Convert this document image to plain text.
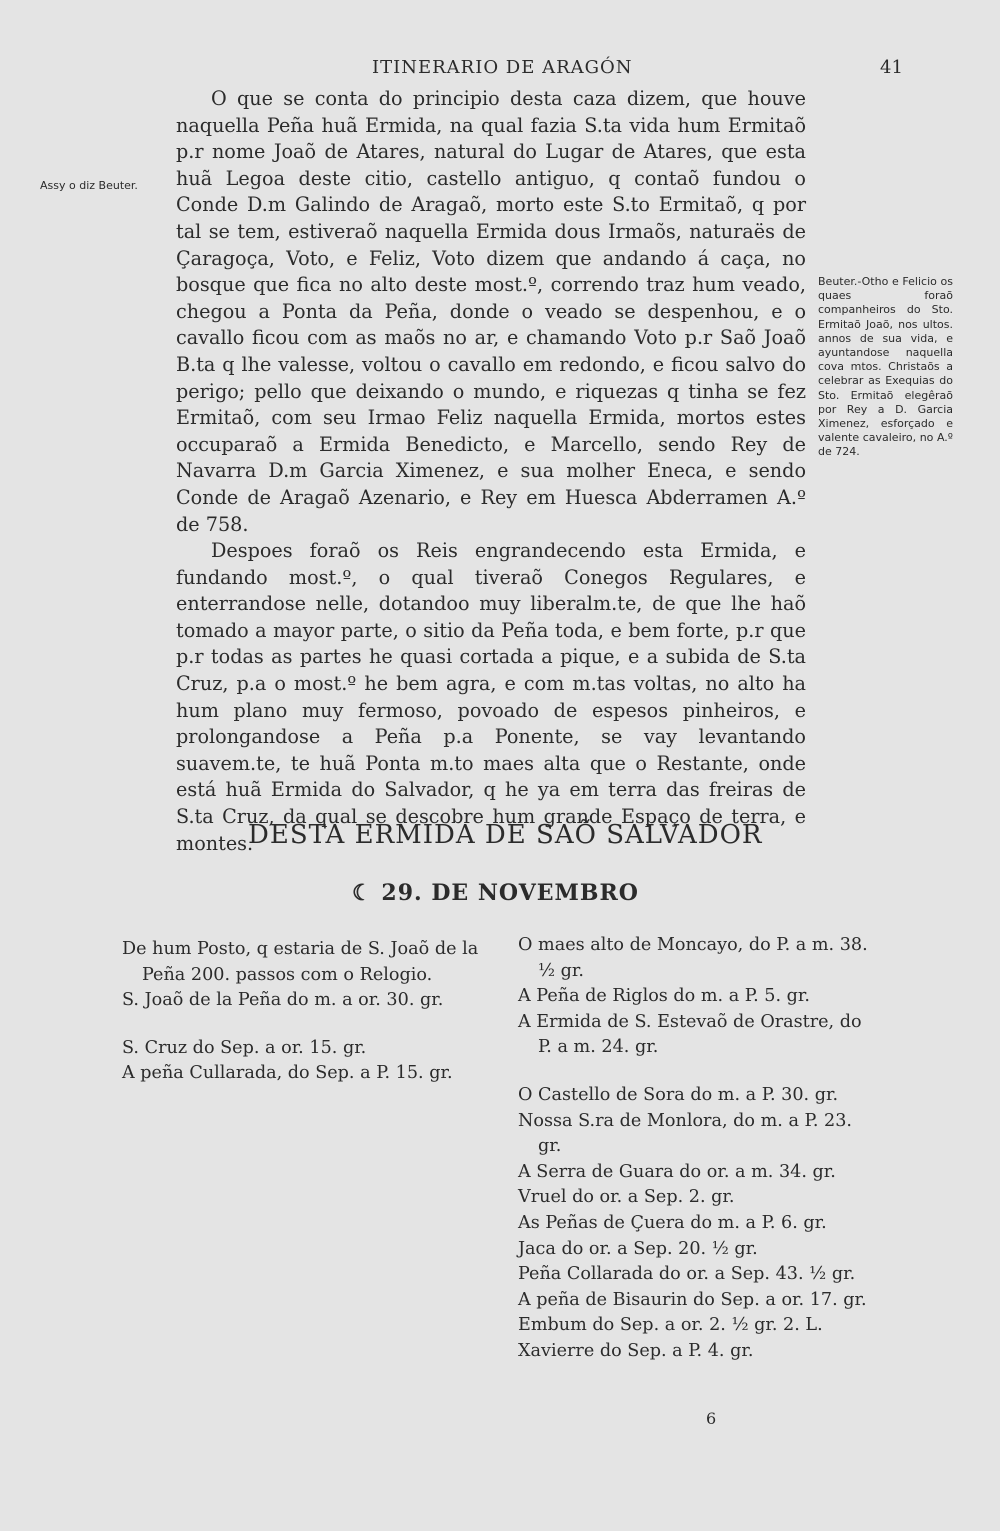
ITINERARIO DE ARAGÓN	41
Assy o diz Beuter.

O que se conta do principio desta caza dizem, que houve naquella Peña huã Ermida, na qual fazia S.ta vida hum Ermitaõ p.r nome Joaõ de Atares, natural do Lugar de Atares, que esta huã Legoa deste citio, castello antiguo, q contaõ fundou o Conde D.m Galindo de Aragaõ, morto este S.to Ermitaõ, q por tal se tem, estiveraõ naquella Ermida dous Irmaõs, naturaës de Çaragoça, Voto, e Feliz, Voto dizem que andando á caça, no bosque que fica no alto deste most.º, correndo traz hum veado, chegou a Ponta da Peña, donde o veado se despenhou, e o cavallo ficou com as maõs no ar, e chamando Voto p.r Saõ Joaõ B.ta q lhe valesse, voltou o cavallo em redondo, e ficou salvo do perigo; pello que deixando o mundo, e riquezas q tinha se fez Ermitaõ, com seu Irmao Feliz naquella Ermida, mortos estes occuparaõ a Ermida Benedicto, e Marcello, sendo Rey de Navarra D.m Garcia Ximenez, e sua molher Eneca, e sendo Conde de Aragaõ Azenario, e Rey em Huesca Abderramen A.º de 758.

Despoes foraõ os Reis engrandecendo esta Ermida, e fundando most.º, o qual tiveraõ Conegos Regulares, e enterrandose nelle, dotandoo muy liberalm.te, de que lhe haõ tomado a mayor parte, o sitio da Peña toda, e bem forte, p.r que p.r todas as partes he quasi cortada a pique, e a subida de S.ta Cruz, p.a o most.º he bem agra, e com m.tas voltas, no alto ha hum plano muy fermoso, povoado de espesos pinheiros, e prolongandose a Peña p.a Ponente, se vay levantando suavem.te, te huã Ponta m.to maes alta que o Restante, onde está huã Ermida do Salvador, q he ya em terra das freiras de S.ta Cruz, da qual se descobre hum grande Espaço de terra, e montes.

Beuter.-Otho e Felicio os quaes foraõ companheiros do Sto. Ermitaõ Joaõ, nos ultos. annos de sua vida, e ayuntandose naquella cova mtos. Christaõs a celebrar as Exequias do Sto. Ermitaõ elegêraõ por Rey a D. Garcia Ximenez, esforçado e valente cavaleiro, no A.º de 724.
DESTA ERMIDA DE SAÕ SALVADOR
☾ 29. DE NOVEMBRO
De hum Posto, q estaria de S. Joaõ de la Peña 200. passos com o Relogio.
S. Joaõ de la Peña do m. a or. 30. gr.
S. Cruz do Sep. a or. 15. gr.
A peña Cullarada, do Sep. a P. 15. gr.
O maes alto de Moncayo, do P. a m. 38. ½ gr.
A Peña de Riglos do m. a P. 5. gr.
A Ermida de S. Estevaõ de Orastre, do P. a m. 24. gr.
O Castello de Sora do m. a P. 30. gr.
Nossa S.ra de Monlora, do m. a P. 23. gr.
A Serra de Guara do or. a m. 34. gr.
Vruel do or. a Sep. 2. gr.
As Peñas de Çuera do m. a P. 6. gr.
Jaca do or. a Sep. 20. ½ gr.
Peña Collarada do or. a Sep. 43. ½ gr.
A peña de Bisaurin do Sep. a or. 17. gr.
Embum do Sep. a or. 2. ½ gr. 2. L.
Xavierre do Sep. a P. 4. gr.
6
